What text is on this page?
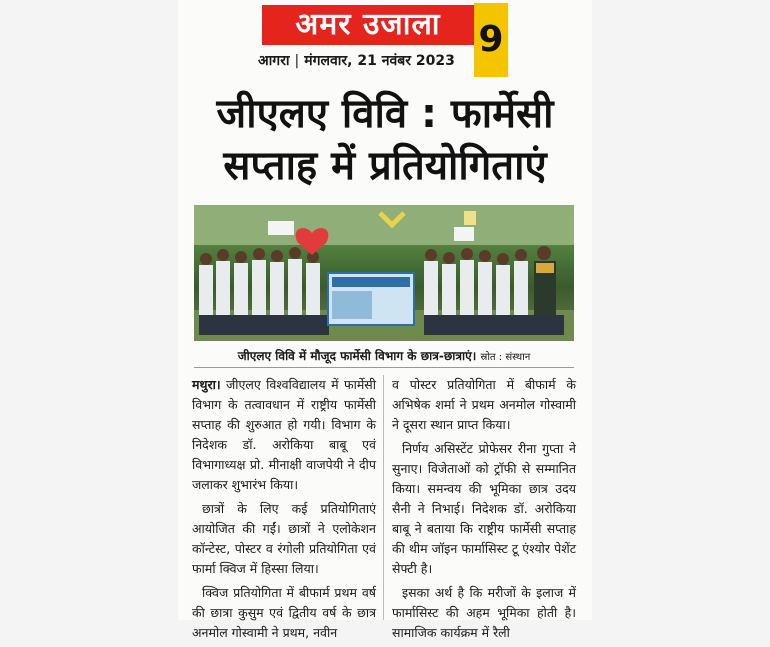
अमर उजाला	9
आगरा | मंगलवार, 21 नवंबर 2023
जीएलए विवि : फार्मेसी
सप्ताह में प्रतियोगिताएं
जीएलए विवि में मौजूद फार्मेसी विभाग के छात्र-छात्राएं। स्रोत : संस्थान

मथुरा। जीएलए विश्वविद्यालय में फार्मेसी विभाग के तत्वावधान में राष्ट्रीय फार्मेसी सप्ताह की शुरुआत हो गयी। विभाग के निदेशक डॉ. अरोकिया बाबू एवं विभागाध्यक्ष प्रो. मीनाक्षी वाजपेयी ने दीप जलाकर शुभारंभ किया।

छात्रों के लिए कई प्रतियोगिताएं आयोजित की गईं। छात्रों ने एलोकेशन कॉन्टेस्ट, पोस्टर व रंगोली प्रतियोगिता एवं फार्मा क्विज में हिस्सा लिया।

क्विज प्रतियोगिता में बीफार्म प्रथम वर्ष की छात्रा कुसुम एवं द्वितीय वर्ष के छात्र अनमोल गोस्वामी ने प्रथम, नवीन

व पोस्टर प्रतियोगिता में बीफार्म के अभिषेक शर्मा ने प्रथम अनमोल गोस्वामी ने दूसरा स्थान प्राप्त किया।

निर्णय असिस्टेंट प्रोफेसर रीना गुप्ता ने सुनाए। विजेताओं को ट्रॉफी से सम्मानित किया। समन्वय की भूमिका छात्र उदय सैनी ने निभाई। निदेशक डॉ. अरोकिया बाबू ने बताया कि राष्ट्रीय फार्मेसी सप्ताह की थीम जॉइन फार्मासिस्ट टू एंश्योर पेशेंट सेफ्टी है।

इसका अर्थ है कि मरीजों के इलाज में फार्मासिस्ट की अहम भूमिका होती है। सामाजिक कार्यक्रम में रैली
